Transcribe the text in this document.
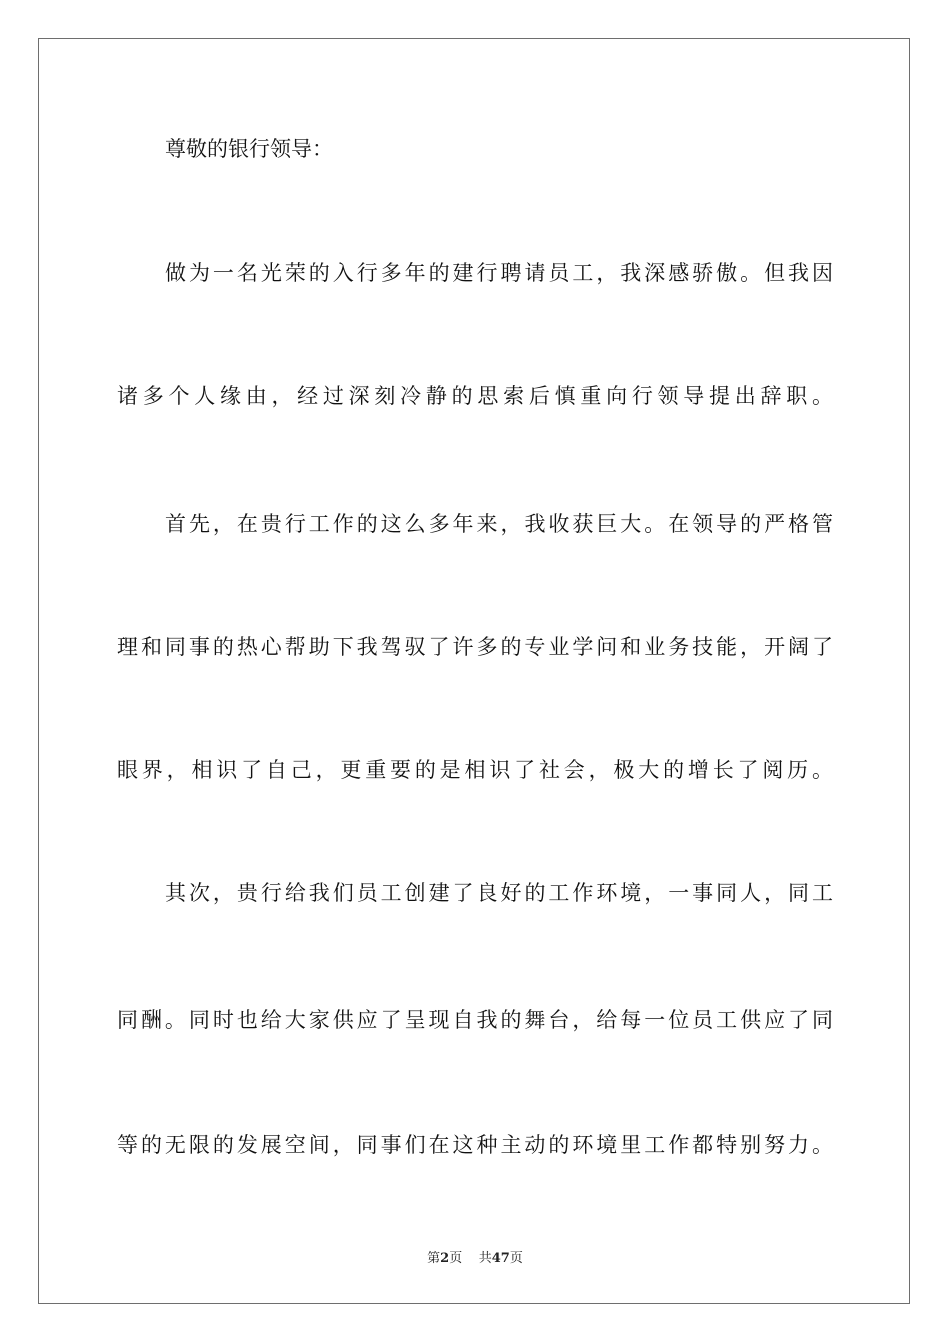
尊敬的银行领导：
做为一名光荣的入行多年的建行聘请员工，我深感骄傲。但我因
诸多个人缘由，经过深刻冷静的思索后慎重向行领导提出辞职。
首先，在贵行工作的这么多年来，我收获巨大。在领导的严格管
理和同事的热心帮助下我驾驭了许多的专业学问和业务技能，开阔了
眼界，相识了自己，更重要的是相识了社会，极大的增长了阅历。
其次，贵行给我们员工创建了良好的工作环境，一事同人，同工
同酬。同时也给大家供应了呈现自我的舞台，给每一位员工供应了同
等的无限的发展空间，同事们在这种主动的环境里工作都特别努力。
第2页 共47页
